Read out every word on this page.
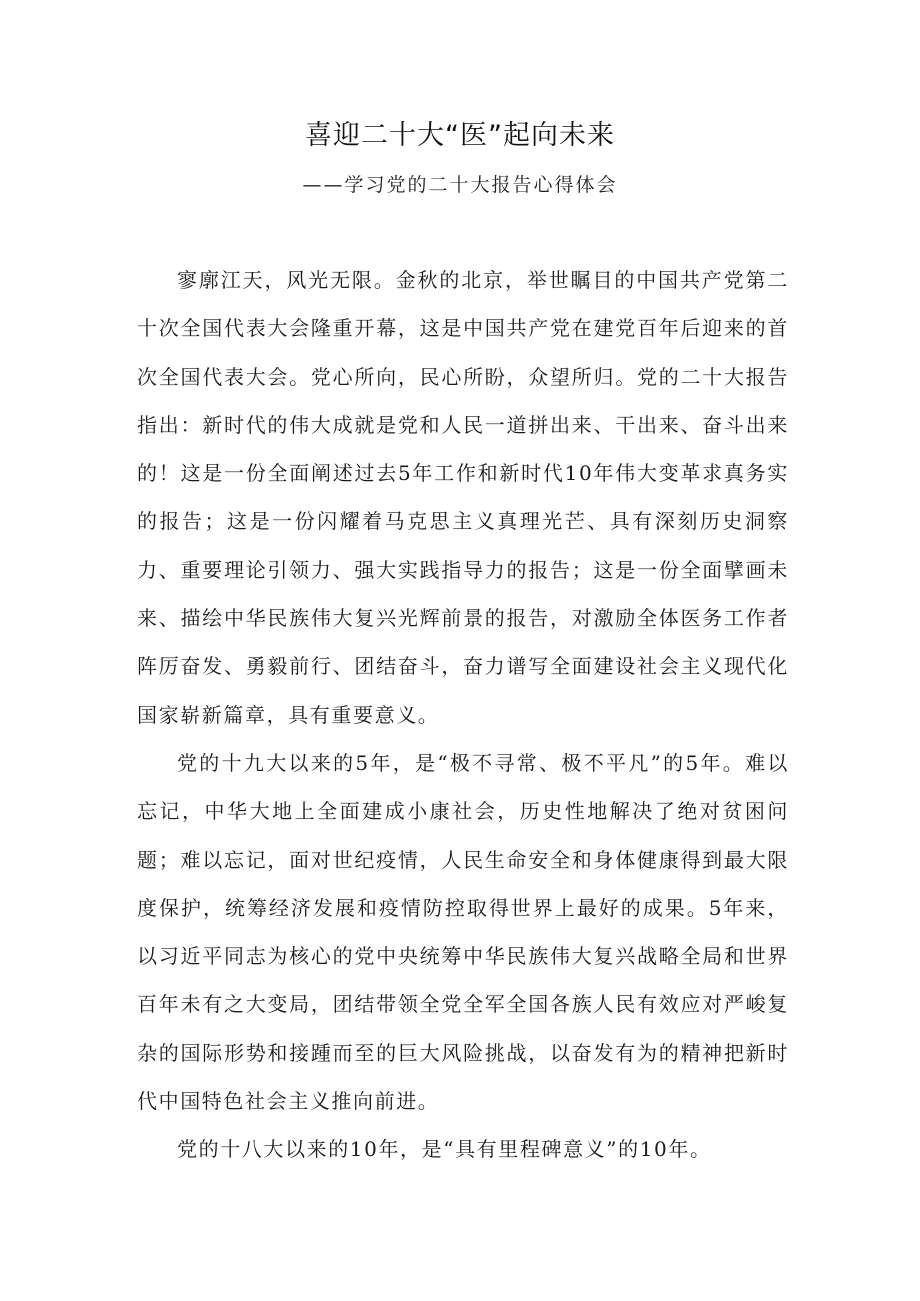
喜迎二十大“医”起向未来
——学习党的二十大报告心得体会

寥廓江天，风光无限。金秋的北京，举世瞩目的中国共产党第二十次全国代表大会隆重开幕，这是中国共产党在建党百年后迎来的首次全国代表大会。党心所向，民心所盼，众望所归。党的二十大报告指出：新时代的伟大成就是党和人民一道拼出来、干出来、奋斗出来的！这是一份全面阐述过去5年工作和新时代10年伟大变革求真务实的报告；这是一份闪耀着马克思主义真理光芒、具有深刻历史洞察力、重要理论引领力、强大实践指导力的报告；这是一份全面擘画未来、描绘中华民族伟大复兴光辉前景的报告，对激励全体医务工作者阵厉奋发、勇毅前行、团结奋斗，奋力谱写全面建设社会主义现代化国家崭新篇章，具有重要意义。

党的十九大以来的5年，是“极不寻常、极不平凡”的5年。难以忘记，中华大地上全面建成小康社会，历史性地解决了绝对贫困问题；难以忘记，面对世纪疫情，人民生命安全和身体健康得到最大限度保护，统筹经济发展和疫情防控取得世界上最好的成果。5年来，以习近平同志为核心的党中央统筹中华民族伟大复兴战略全局和世界百年未有之大变局，团结带领全党全军全国各族人民有效应对严峻复杂的国际形势和接踵而至的巨大风险挑战，以奋发有为的精神把新时代中国特色社会主义推向前进。

党的十八大以来的10年，是“具有里程碑意义”的10年。
